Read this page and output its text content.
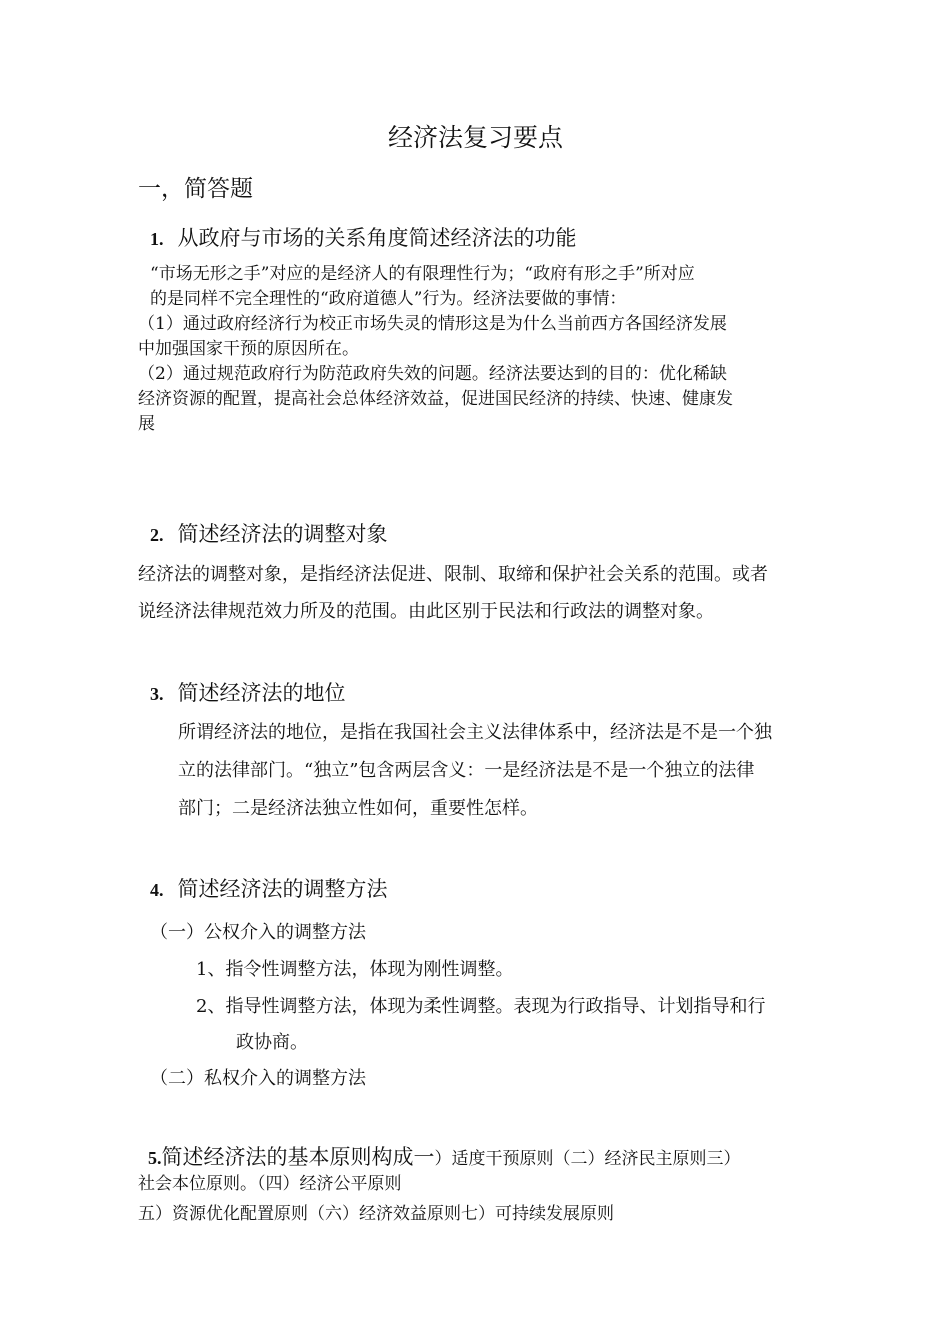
经济法复习要点
一，简答题
1. 从政府与市场的关系角度简述经济法的功能
“市场无形之手”对应的是经济人的有限理性行为；“政府有形之手”所对应
的是同样不完全理性的“政府道德人”行为。经济法要做的事情：
（1）通过政府经济行为校正市场失灵的情形这是为什么当前西方各国经济发展
中加强国家干预的原因所在。
（2）通过规范政府行为防范政府失效的问题。经济法要达到的目的：优化稀缺
经济资源的配置，提高社会总体经济效益，促进国民经济的持续、快速、健康发
展
2. 简述经济法的调整对象
经济法的调整对象，是指经济法促进、限制、取缔和保护社会关系的范围。或者
说经济法律规范效力所及的范围。由此区别于民法和行政法的调整对象。
3. 简述经济法的地位
所谓经济法的地位，是指在我国社会主义法律体系中，经济法是不是一个独
立的法律部门。“独立”包含两层含义：一是经济法是不是一个独立的法律
部门；二是经济法独立性如何，重要性怎样。
4. 简述经济法的调整方法
（一）公权介入的调整方法
1、指令性调整方法，体现为刚性调整。
2、指导性调整方法，体现为柔性调整。表现为行政指导、计划指导和行
政协商。
（二）私权介入的调整方法
5.简述经济法的基本原则构成一）适度干预原则（二）经济民主原则三）
社会本位原则。（四）经济公平原则
五）资源优化配置原则（六）经济效益原则七）可持续发展原则
